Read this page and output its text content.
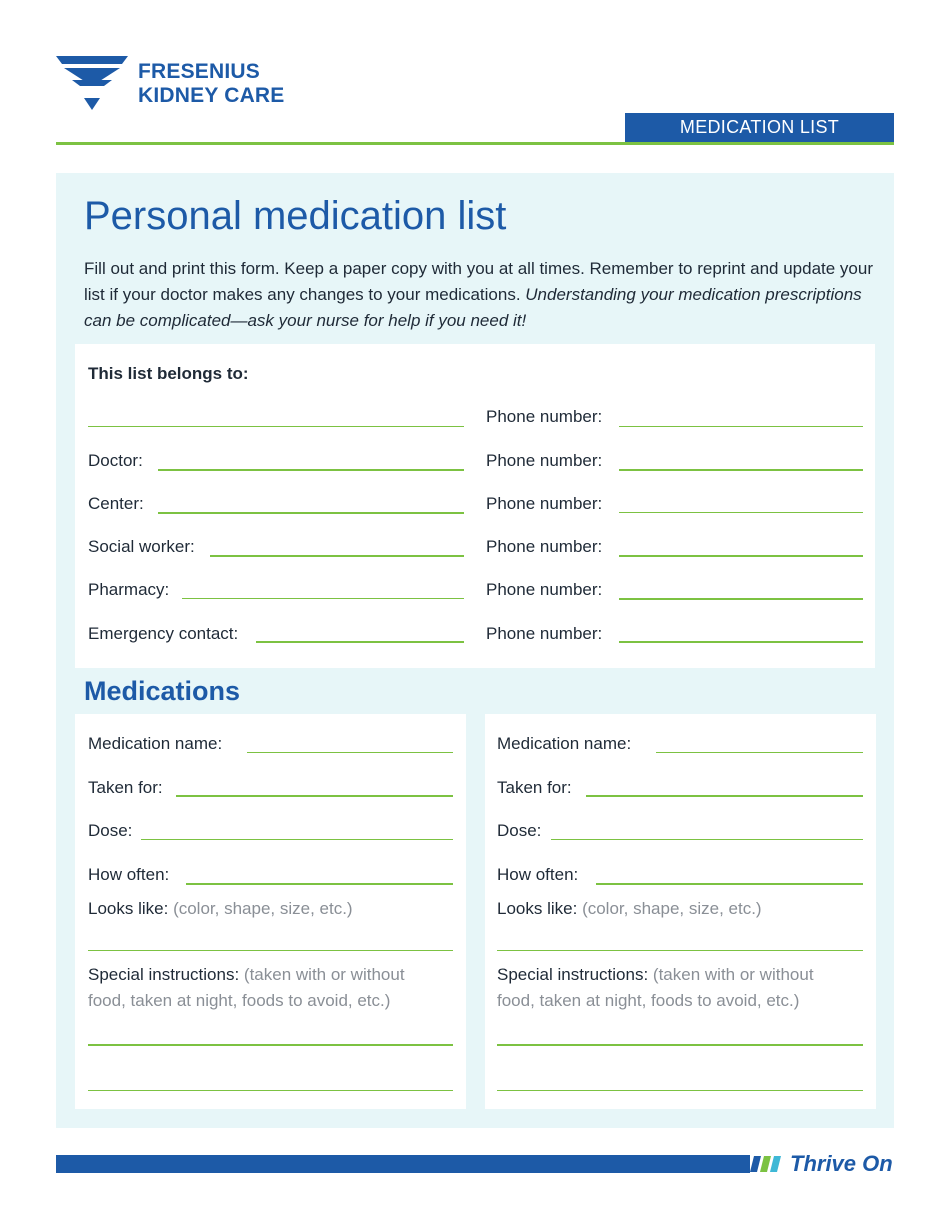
FRESENIUS
KIDNEY CARE
MEDICATION LIST
Personal medication list

Fill out and print this form. Keep a paper copy with you at all times. Remember to reprint and update your list if your doctor makes any changes to your medications. Understanding your medication prescriptions can be complicated—ask your nurse for help if you need it!

This list belongs to:
Doctor:
Center:
Social worker:
Pharmacy:
Emergency contact:
Phone number:
Phone number:
Phone number:
Phone number:
Phone number:
Phone number:
Medications
Medication name:
Taken for:
Dose:
How often:
Looks like: (color, shape, size, etc.)
Special instructions: (taken with or without
food, taken at night, foods to avoid, etc.)
Medication name:
Taken for:
Dose:
How often:
Looks like: (color, shape, size, etc.)
Special instructions: (taken with or without
food, taken at night, foods to avoid, etc.)
Thrive On
